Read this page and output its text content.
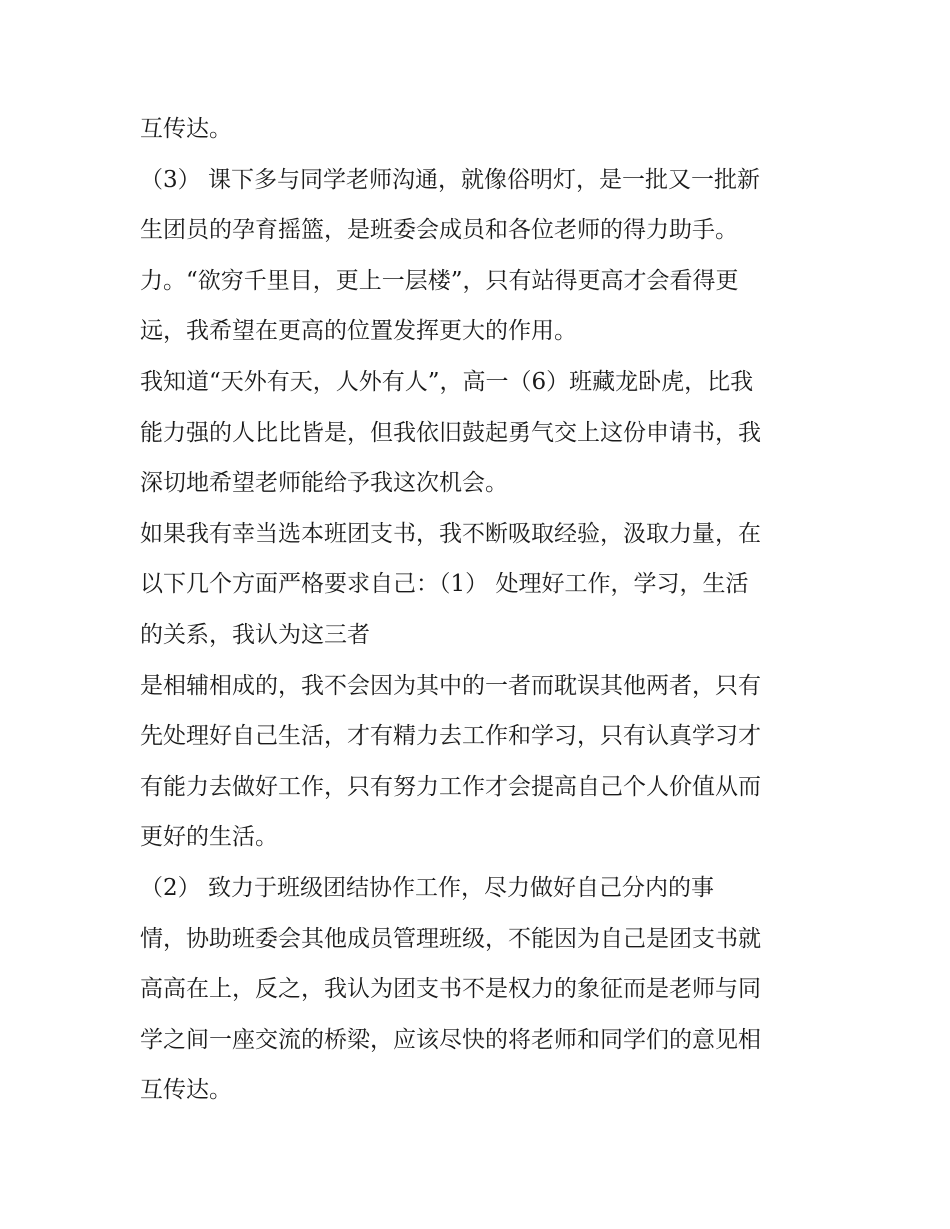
互传达。
（3） 课下多与同学老师沟通，就像俗明灯，是一批又一批新
生团员的孕育摇篮，是班委会成员和各位老师的得力助手。
力。“欲穷千里目，更上一层楼”，只有站得更高才会看得更
远，我希望在更高的位置发挥更大的作用。
我知道“天外有天，人外有人”，高一（6）班藏龙卧虎，比我
能力强的人比比皆是，但我依旧鼓起勇气交上这份申请书，我
深切地希望老师能给予我这次机会。
如果我有幸当选本班团支书，我不断吸取经验，汲取力量，在
以下几个方面严格要求自己：（1） 处理好工作，学习，生活
的关系，我认为这三者
是相辅相成的，我不会因为其中的一者而耽误其他两者，只有
先处理好自己生活，才有精力去工作和学习，只有认真学习才
有能力去做好工作，只有努力工作才会提高自己个人价值从而
更好的生活。
（2） 致力于班级团结协作工作，尽力做好自己分内的事
情，协助班委会其他成员管理班级，不能因为自己是团支书就
高高在上，反之，我认为团支书不是权力的象征而是老师与同
学之间一座交流的桥梁，应该尽快的将老师和同学们的意见相
互传达。
